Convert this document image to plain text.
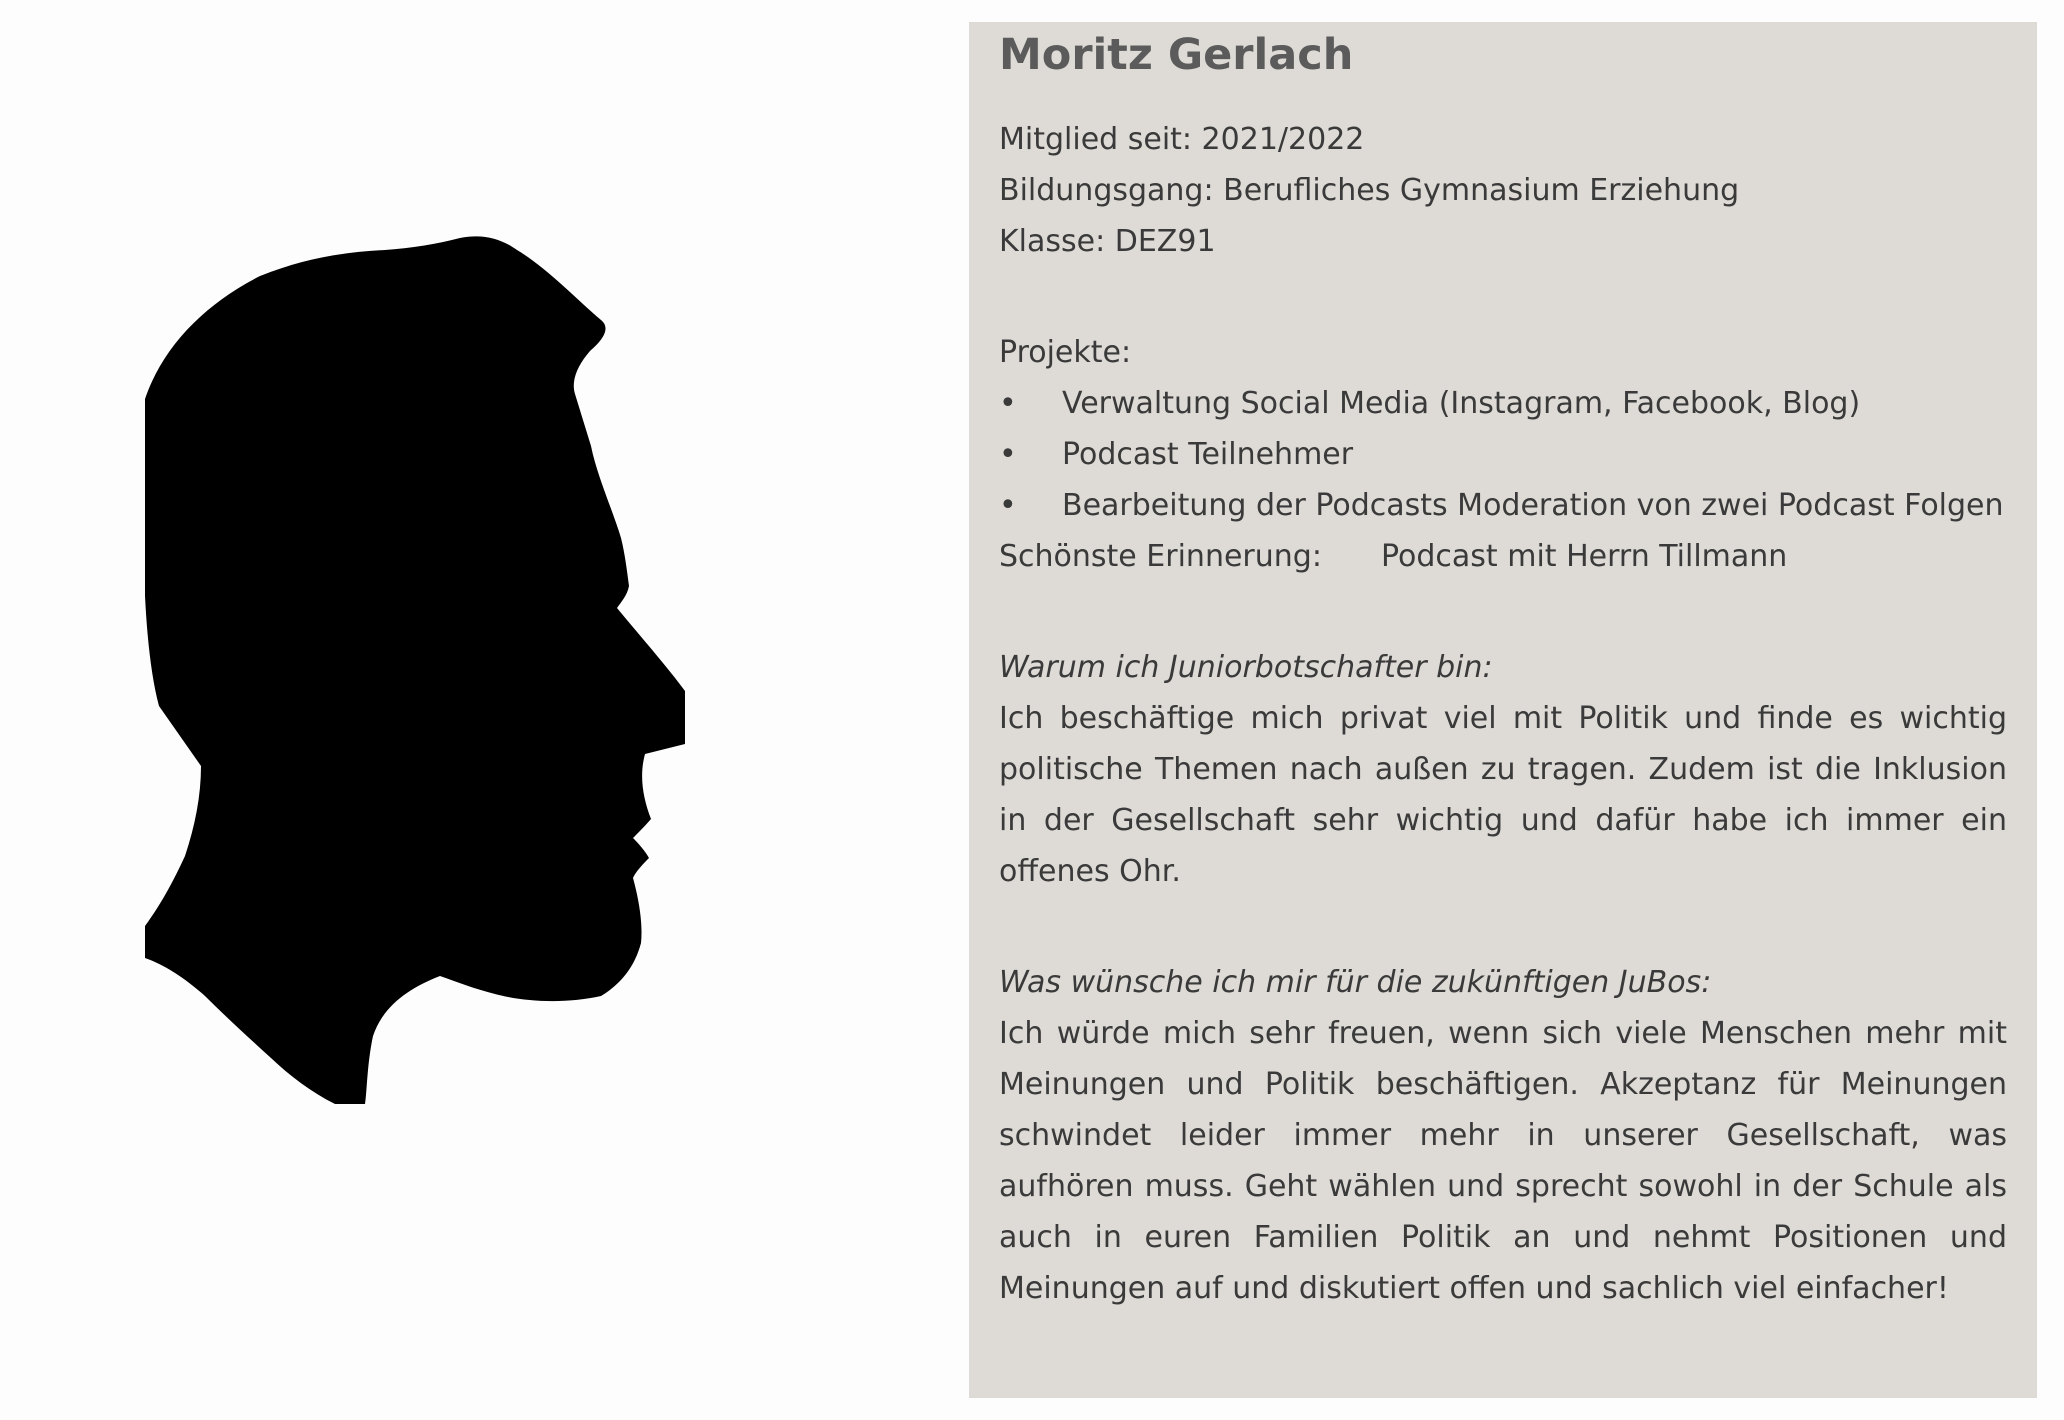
Moritz Gerlach
Mitglied seit: 2021/2022
Bildungsgang: Berufliches Gymnasium Erziehung
Klasse: DEZ91
Projekte:
• Verwaltung Social Media (Instagram, Facebook, Blog)
• Podcast Teilnehmer
• Bearbeitung der Podcasts Moderation von zwei Podcast Folgen
Schönste Erinnerung: Podcast mit Herrn Tillmann
Warum ich Juniorbotschafter bin:
Ich beschäftige mich privat viel mit Politik und finde es wichtig politische Themen nach außen zu tragen. Zudem ist die Inklusion in der Gesellschaft sehr wichtig und dafür habe ich immer ein offenes Ohr.
Was wünsche ich mir für die zukünftigen JuBos:
Ich würde mich sehr freuen, wenn sich viele Menschen mehr mit Meinungen und Politik beschäftigen. Akzeptanz für Meinungen schwindet leider immer mehr in unserer Gesellschaft, was aufhören muss. Geht wählen und sprecht sowohl in der Schule als auch in euren Familien Politik an und nehmt Positionen und Meinungen auf und diskutiert offen und sachlich viel einfacher!
